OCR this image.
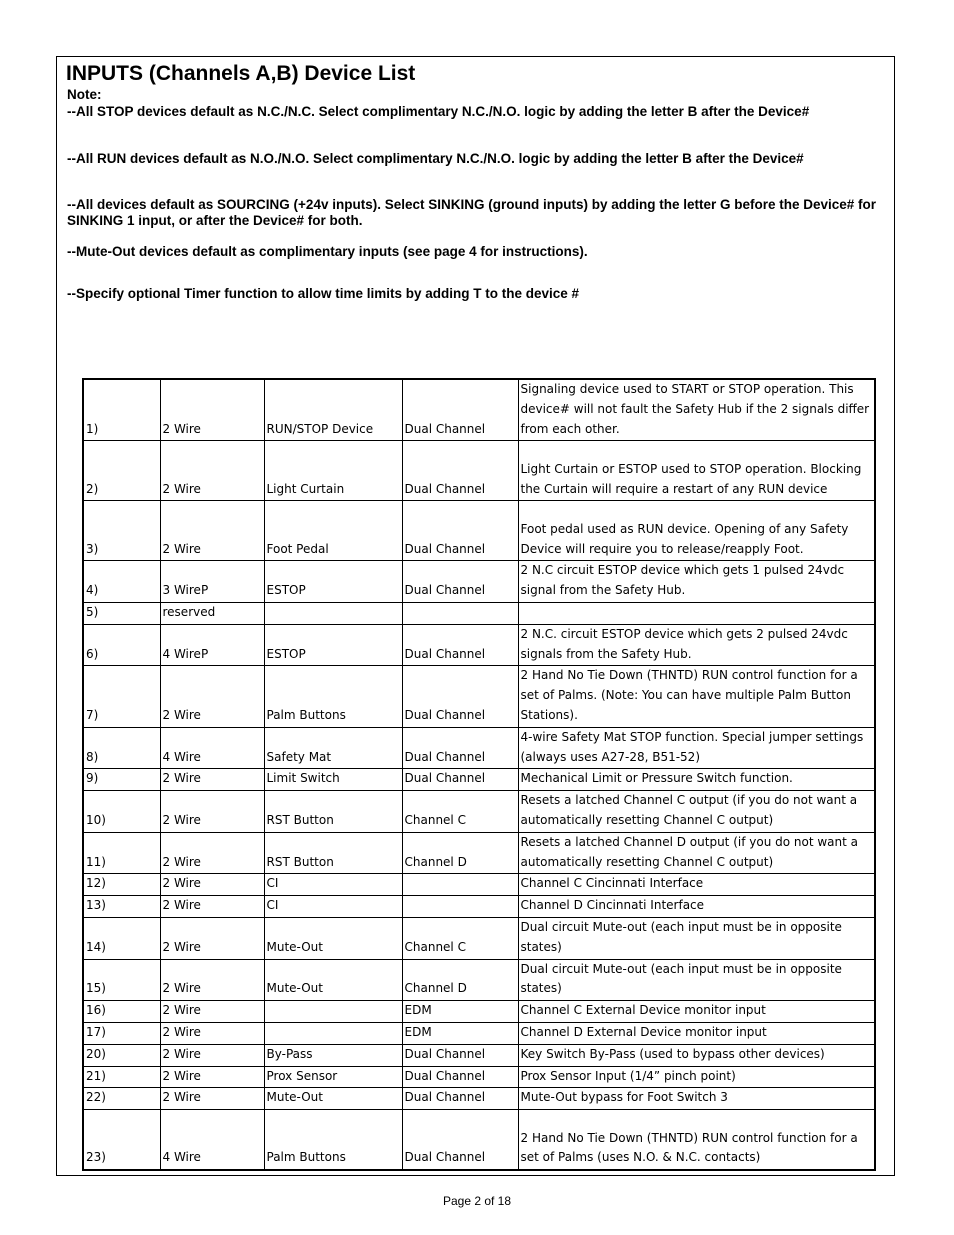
INPUTS (Channels A,B) Device List
Note:

--All STOP devices default as N.C./N.C. Select complimentary N.C./N.O. logic by adding the letter B after the Device#

--All RUN devices default as N.O./N.O. Select complimentary N.C./N.O. logic by adding the letter B after the Device#

--All devices default as SOURCING (+24v inputs). Select SINKING (ground inputs) by adding the letter G before the Device# for SINKING 1 input, or after the Device# for both.

--Mute-Out devices default as complimentary inputs (see page 4 for instructions).

--Specify optional Timer function to allow time limits by adding T to the device #

1)	2 Wire	RUN/STOP Device	Dual Channel	Signaling device used to START or STOP operation. This device# will not fault the Safety Hub if the 2 signals differ from each other.
2)	2 Wire	Light Curtain	Dual Channel	Light Curtain or ESTOP used to STOP operation. Blocking the Curtain will require a restart of any RUN device
3)	2 Wire	Foot Pedal	Dual Channel	Foot pedal used as RUN device. Opening of any Safety Device will require you to release/reapply Foot.
4)	3 WireP	ESTOP	Dual Channel	2 N.C circuit ESTOP device which gets 1 pulsed 24vdc signal from the Safety Hub.
5)	reserved			
6)	4 WireP	ESTOP	Dual Channel	2 N.C. circuit ESTOP device which gets 2 pulsed 24vdc signals from the Safety Hub.
7)	2 Wire	Palm Buttons	Dual Channel	2 Hand No Tie Down (THNTD) RUN control function for a set of Palms. (Note: You can have multiple Palm Button Stations).
8)	4 Wire	Safety Mat	Dual Channel	4-wire Safety Mat STOP function. Special jumper settings (always uses A27-28, B51-52)
9)	2 Wire	Limit Switch	Dual Channel	Mechanical Limit or Pressure Switch function.
10)	2 Wire	RST Button	Channel C	Resets a latched Channel C output (if you do not want a automatically resetting Channel C output)
11)	2 Wire	RST Button	Channel D	Resets a latched Channel D output (if you do not want a automatically resetting Channel C output)
12)	2 Wire	CI		Channel C Cincinnati Interface
13)	2 Wire	CI		Channel D Cincinnati Interface
14)	2 Wire	Mute-Out	Channel C	Dual circuit Mute-out (each input must be in opposite states)
15)	2 Wire	Mute-Out	Channel D	Dual circuit Mute-out (each input must be in opposite states)
16)	2 Wire		EDM	Channel C External Device monitor input
17)	2 Wire		EDM	Channel D External Device monitor input
20)	2 Wire	By-Pass	Dual Channel	Key Switch By-Pass (used to bypass other devices)
21)	2 Wire	Prox Sensor	Dual Channel	Prox Sensor Input (1/4” pinch point)
22)	2 Wire	Mute-Out	Dual Channel	Mute-Out bypass for Foot Switch 3
23)	4 Wire	Palm Buttons	Dual Channel	2 Hand No Tie Down (THNTD) RUN control function for a set of Palms (uses N.O. & N.C. contacts)
Page 2 of 18
